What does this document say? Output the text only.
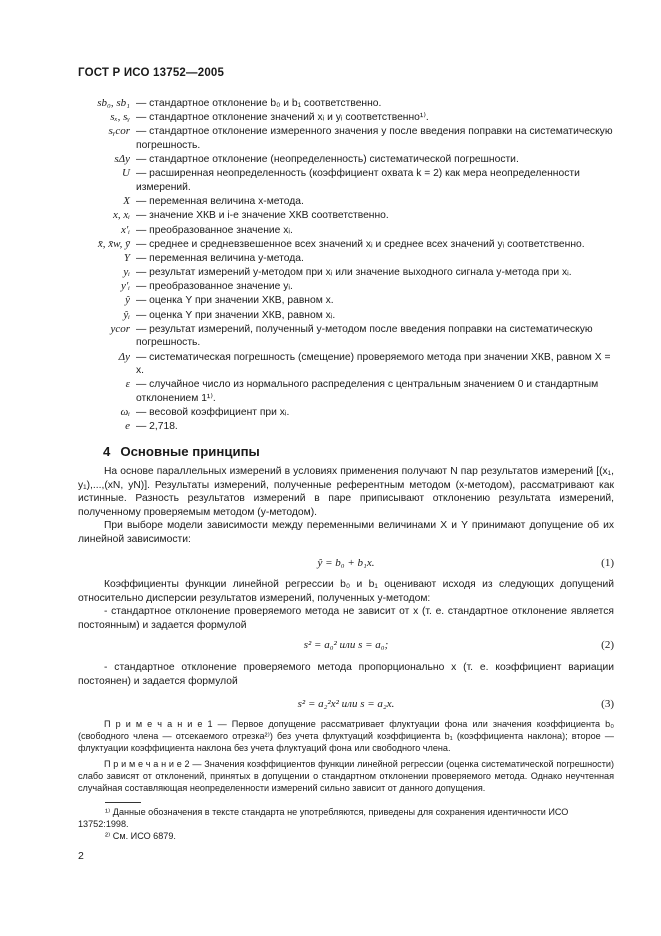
ГОСТ Р ИСО 13752—2005
sb₀, sb₁ — стандартное отклонение b₀ и b₁ соответственно.
sₓ, sᵧ — стандартное отклонение значений xᵢ и yᵢ соответственно¹⁾.
sᵧcor — стандартное отклонение измеренного значения y после введения поправки на систематическую погрешность.
sΔy — стандартное отклонение (неопределенность) систематической погрешности.
U — расширенная неопределенность (коэффициент охвата k = 2) как мера неопределенности измерений.
X — переменная величина x-метода.
x, xᵢ — значение ХКВ и i-е значение ХКВ соответственно.
x′ᵢ — преобразованное значение xᵢ.
x̄, x̄w, ȳ — среднее и средневзвешенное всех значений xᵢ и среднее всех значений yᵢ соответственно.
Y — переменная величина y-метода.
yᵢ — результат измерений y-методом при xᵢ или значение выходного сигнала y-метода при xᵢ.
y′ᵢ — преобразованное значение yᵢ.
ŷ — оценка Y при значении ХКВ, равном x.
ŷᵢ — оценка Y при значении ХКВ, равном xᵢ.
ycor — результат измерений, полученный y-методом после введения поправки на систематическую погрешность.
Δy — систематическая погрешность (смещение) проверяемого метода при значении ХКВ, равном X = x.
ε — случайное число из нормального распределения с центральным значением 0 и стандартным отклонением 1¹⁾.
ωᵢ — весовой коэффициент при xᵢ.
e — 2,718.
4 Основные принципы

На основе параллельных измерений в условиях применения получают N пар результатов измерений [(x₁, y₁),...,(xN, yN)]. Результаты измерений, полученные референтным методом (x-методом), рассматривают как истинные. Разность результатов измерений в паре приписывают отклонению результата измерений, полученному проверяемым методом (y-методом).

При выборе модели зависимости между переменными величинами X и Y принимают допущение об их линейной зависимости:

ŷ = b₀ + b₁x.	(1)

Коэффициенты функции линейной регрессии b₀ и b₁ оценивают исходя из следующих допущений относительно дисперсии результатов измерений, полученных y-методом:

- стандартное отклонение проверяемого метода не зависит от x (т. е. стандартное отклонение является постоянным) и задается формулой

s² = a₀² или s = a₀;	(2)

- стандартное отклонение проверяемого метода пропорционально x (т. е. коэффициент вариации постоянен) и задается формулой

s² = a₂²x² или s = a₂x.	(3)

П р и м е ч а н и е 1 — Первое допущение рассматривает флуктуации фона или значения коэффициента b₀ (свободного члена — отсекаемого отрезка²⁾) без учета флуктуаций коэффициента b₁ (коэффициента наклона); второе — флуктуации коэффициента наклона без учета флуктуаций фона или свободного члена.

П р и м е ч а н и е 2 — Значения коэффициентов функции линейной регрессии (оценка систематической погрешности) слабо зависят от отклонений, принятых в допущении о стандартном отклонении проверяемого метода. Однако неучтенная случайная составляющая неопределенности измерений сильно зависит от данного допущения.

¹⁾ Данные обозначения в тексте стандарта не употребляются, приведены для сохранения идентичности ИСО 13752:1998.

²⁾ См. ИСО 6879.

2
